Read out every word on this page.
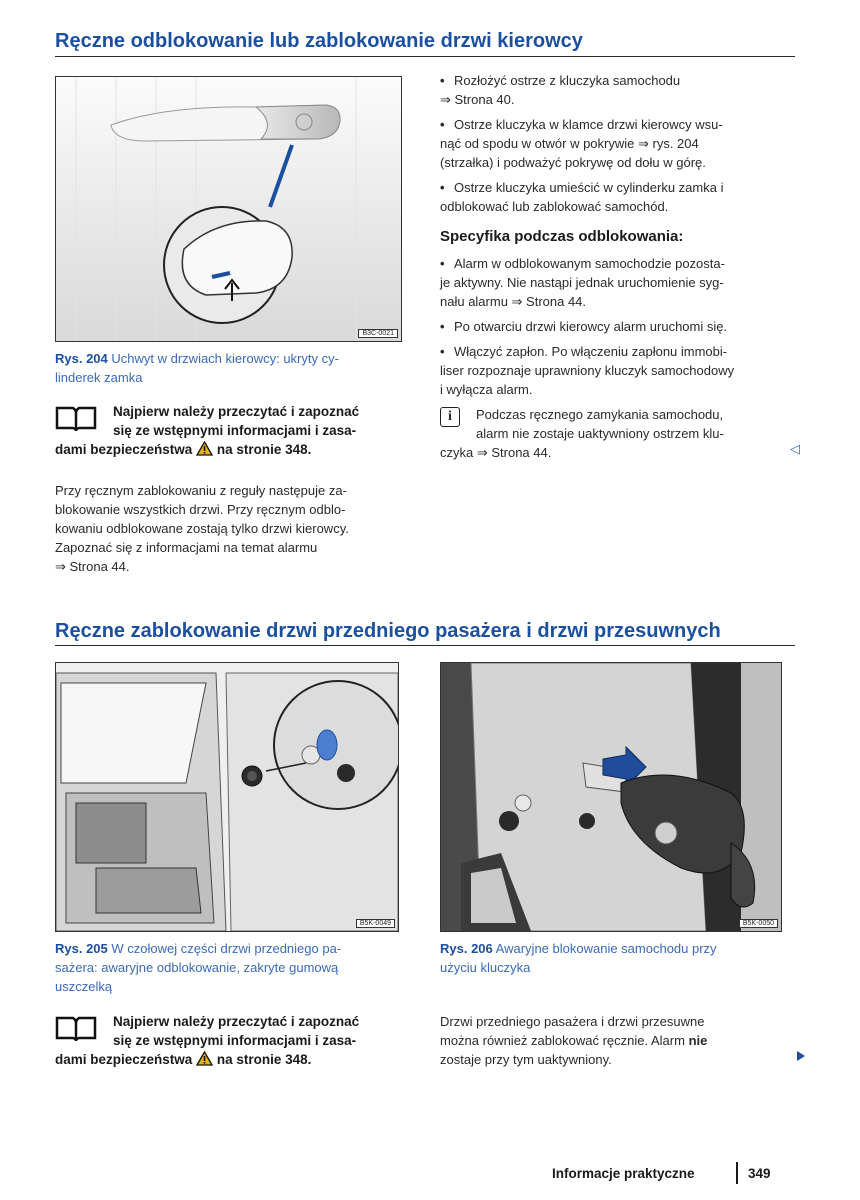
Ręczne odblokowanie lub zablokowanie drzwi kierowcy
B3C-0021
Rys. 204 Uchwyt w drzwiach kierowcy: ukryty cy-
linderek zamka
Najpierw należy przeczytać i zapoznać
się ze wstępnymi informacjami i zasa-
dami bezpieczeństwa na stronie 348.
Przy ręcznym zablokowaniu z reguły następuje za-
blokowanie wszystkich drzwi. Przy ręcznym odblo-
kowaniu odblokowane zostają tylko drzwi kierowcy.
Zapoznać się z informacjami na temat alarmu
⇒ Strona 44.
• Rozłożyć ostrze z kluczyka samochodu
⇒ Strona 40.
• Ostrze kluczyka w klamce drzwi kierowcy wsu-
nąć od spodu w otwór w pokrywie ⇒ rys. 204
(strzałka) i podważyć pokrywę od dołu w górę.
• Ostrze kluczyka umieścić w cylinderku zamka i
odblokować lub zablokować samochód.
Specyfika podczas odblokowania:
• Alarm w odblokowanym samochodzie pozosta-
je aktywny. Nie nastąpi jednak uruchomienie syg-
nału alarmu ⇒ Strona 44.
• Po otwarciu drzwi kierowcy alarm uruchomi się.
• Włączyć zapłon. Po włączeniu zapłonu immobi-
liser rozpoznaje uprawniony kluczyk samochodowy
i wyłącza alarm.
i	Podczas ręcznego zamykania samochodu,
alarm nie zostaje uaktywniony ostrzem klu-
czyka ⇒ Strona 44.	◁
Ręczne zablokowanie drzwi przedniego pasażera i drzwi przesuwnych
B5K-0049
Rys. 205 W czołowej części drzwi przedniego pa-
sażera: awaryjne odblokowanie, zakryte gumową
uszczelką
B5K-0050
Rys. 206 Awaryjne blokowanie samochodu przy
użyciu kluczyka
Najpierw należy przeczytać i zapoznać
się ze wstępnymi informacjami i zasa-
dami bezpieczeństwa na stronie 348.
Drzwi przedniego pasażera i drzwi przesuwne
można również zablokować ręcznie. Alarm nie
zostaje przy tym uaktywniony.
Informacje praktyczne	349
